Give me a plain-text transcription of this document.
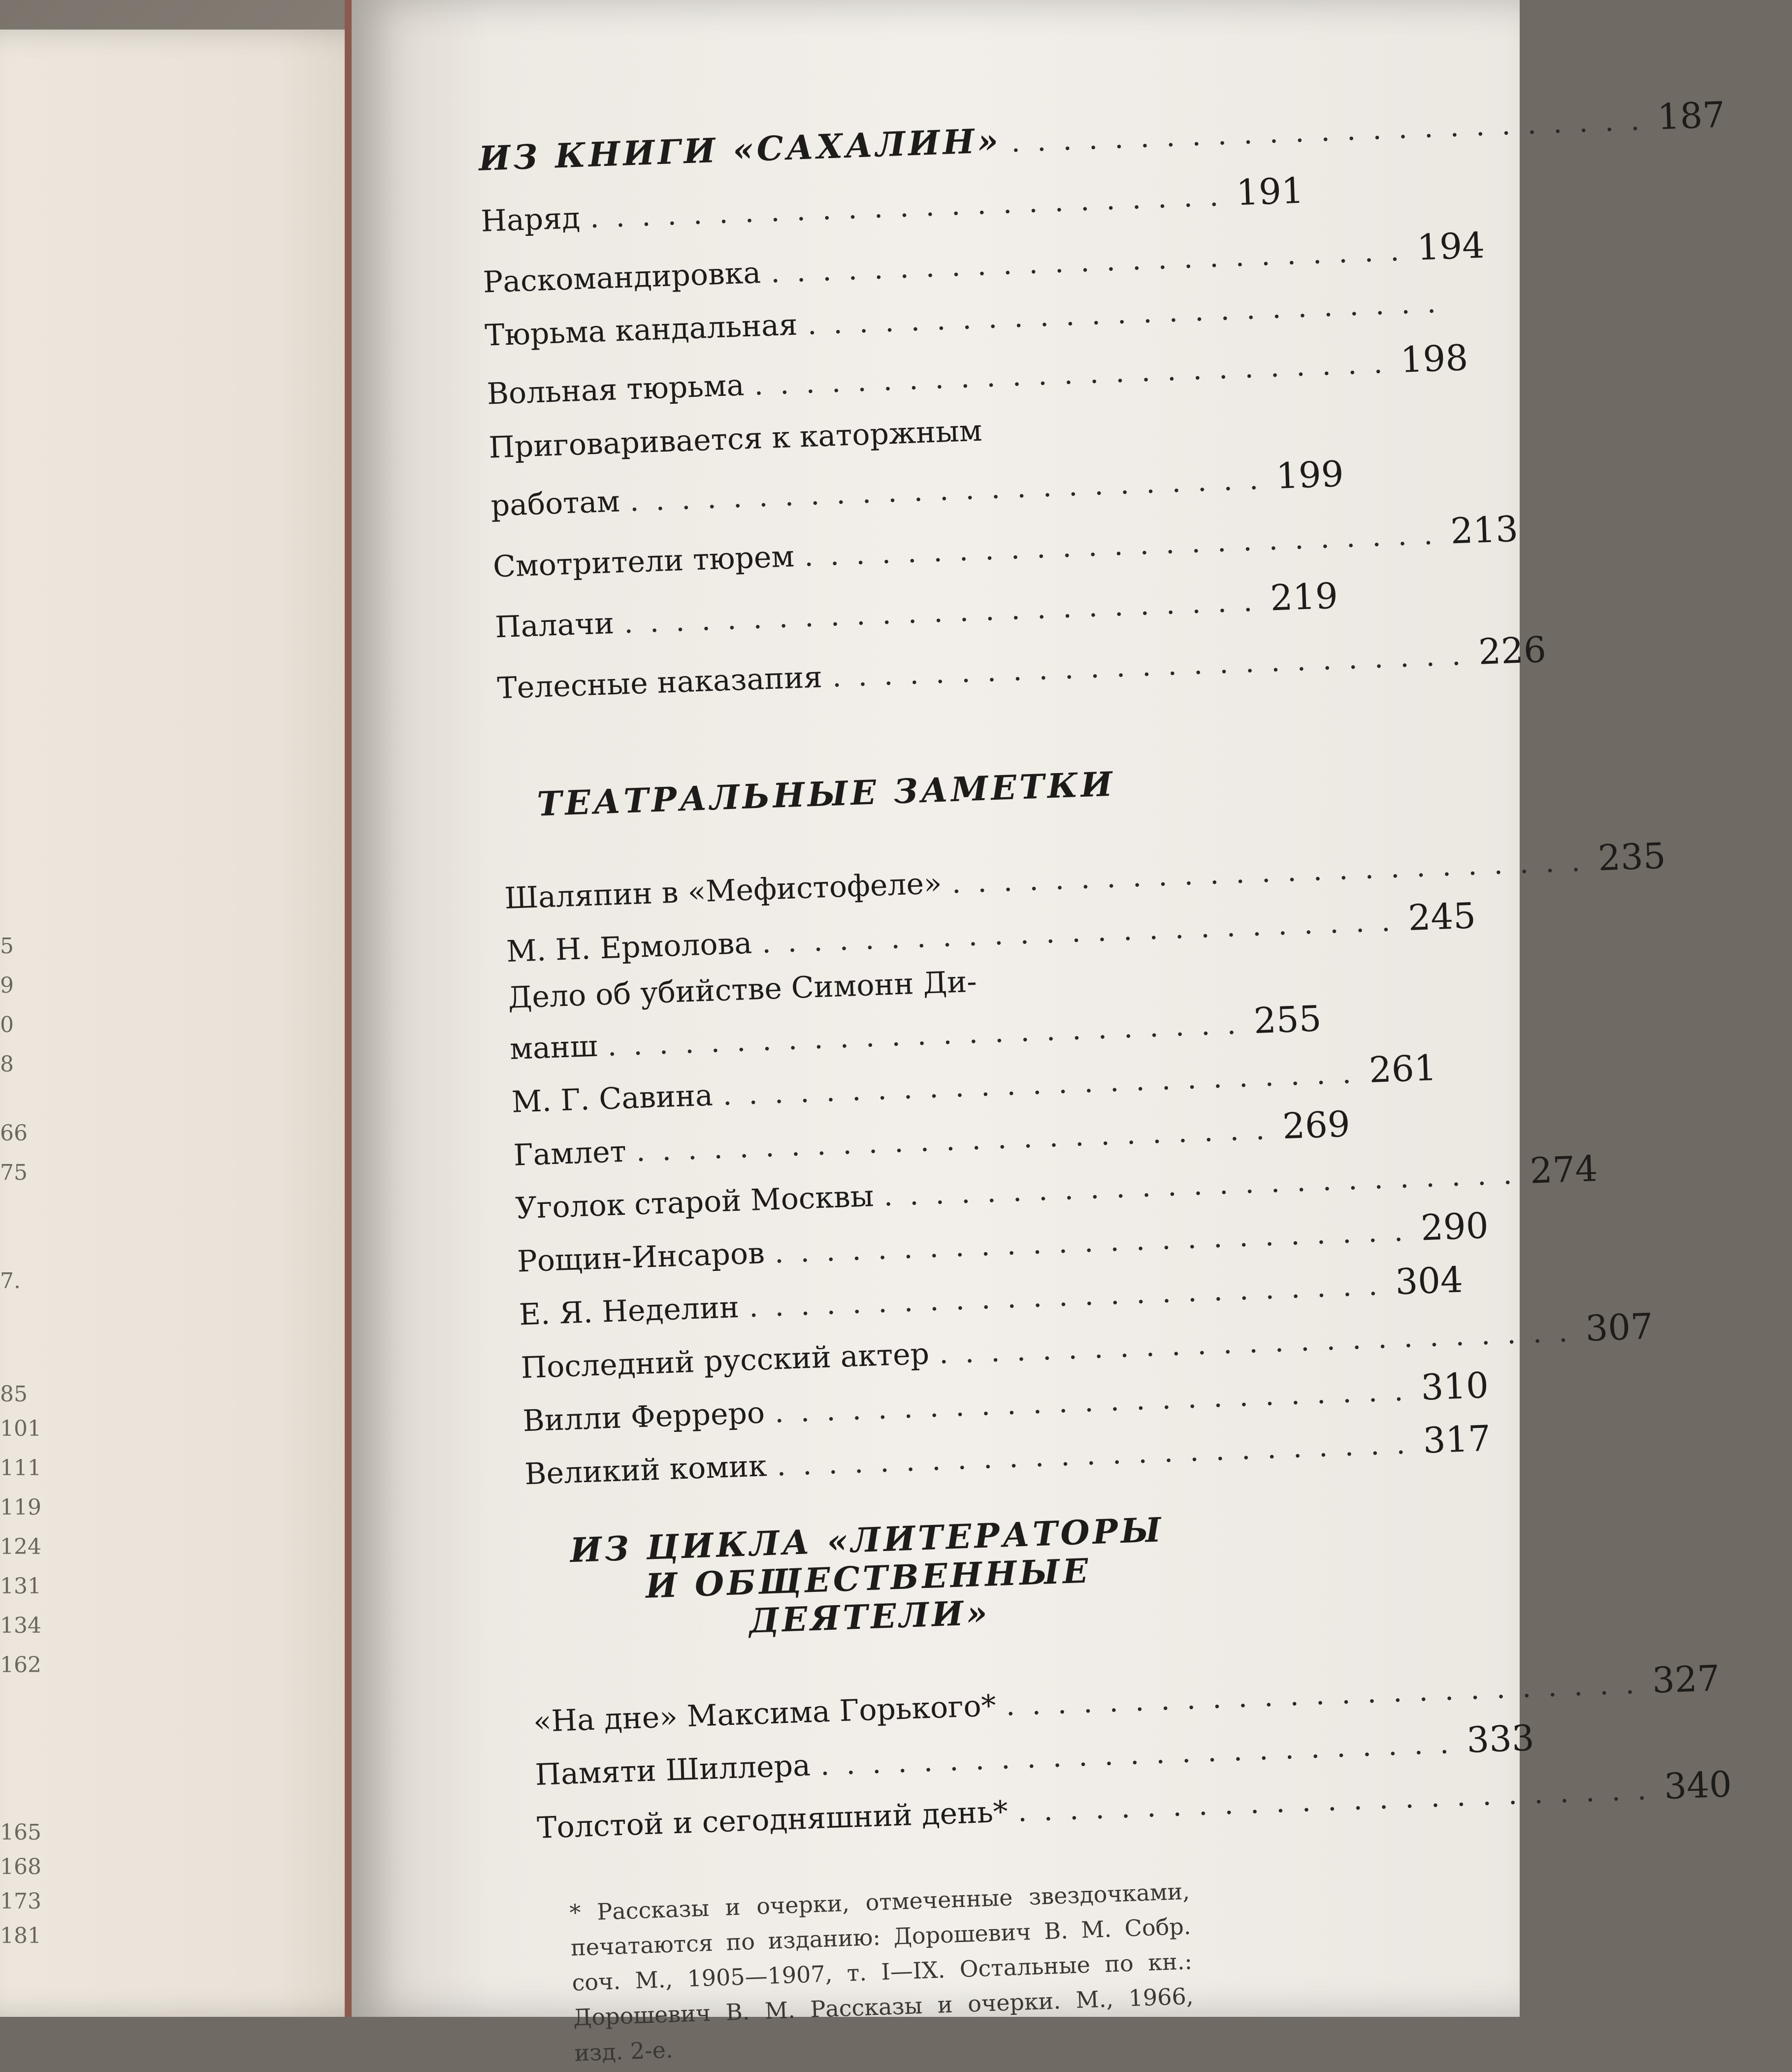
5
9
0
8
66
75
7.
85
101
111
119
124
131
134
162
165
168
173
181
ИЗ КНИГИ «САХАЛИН» ......................... 187
Наряд ......................... 191
Раскомандировка ......................... 194
Тюрьма кандальная .........................
Вольная тюрьма ......................... 198
Приговаривается к каторжным
работам ......................... 199
Смотрители тюрем ......................... 213
Палачи ......................... 219
Телесные наказапия ......................... 226
ТЕАТРАЛЬНЫЕ ЗАМЕТКИ
Шаляпин в «Мефистофеле» ......................... 235
М. Н. Ермолова ......................... 245
Дело об убийстве Симонн Ди-
манш ......................... 255
М. Г. Савина ......................... 261
Гамлет ......................... 269
Уголок старой Москвы ......................... 274
Рощин-Инсаров ......................... 290
Е. Я. Неделин ......................... 304
Последний русский актер ......................... 307
Вилли Ферреро ......................... 310
Великий комик ......................... 317
ИЗ ЦИКЛА «ЛИТЕРАТОРЫ И ОБЩЕСТВЕННЫЕ ДЕЯТЕЛИ»
«На дне» Максима Горького* ......................... 327
Памяти Шиллера ......................... 333
Толстой и сегодняшний день* ......................... 340
* Рассказы и очерки, отмеченные звездочками, печатаются по изданию: Дорошевич В. М. Собр. соч. М., 1905—1907, т. I—IX. Остальные по кн.: Дорошевич В. М. Рассказы и очерки. М., 1966, изд. 2-е.
